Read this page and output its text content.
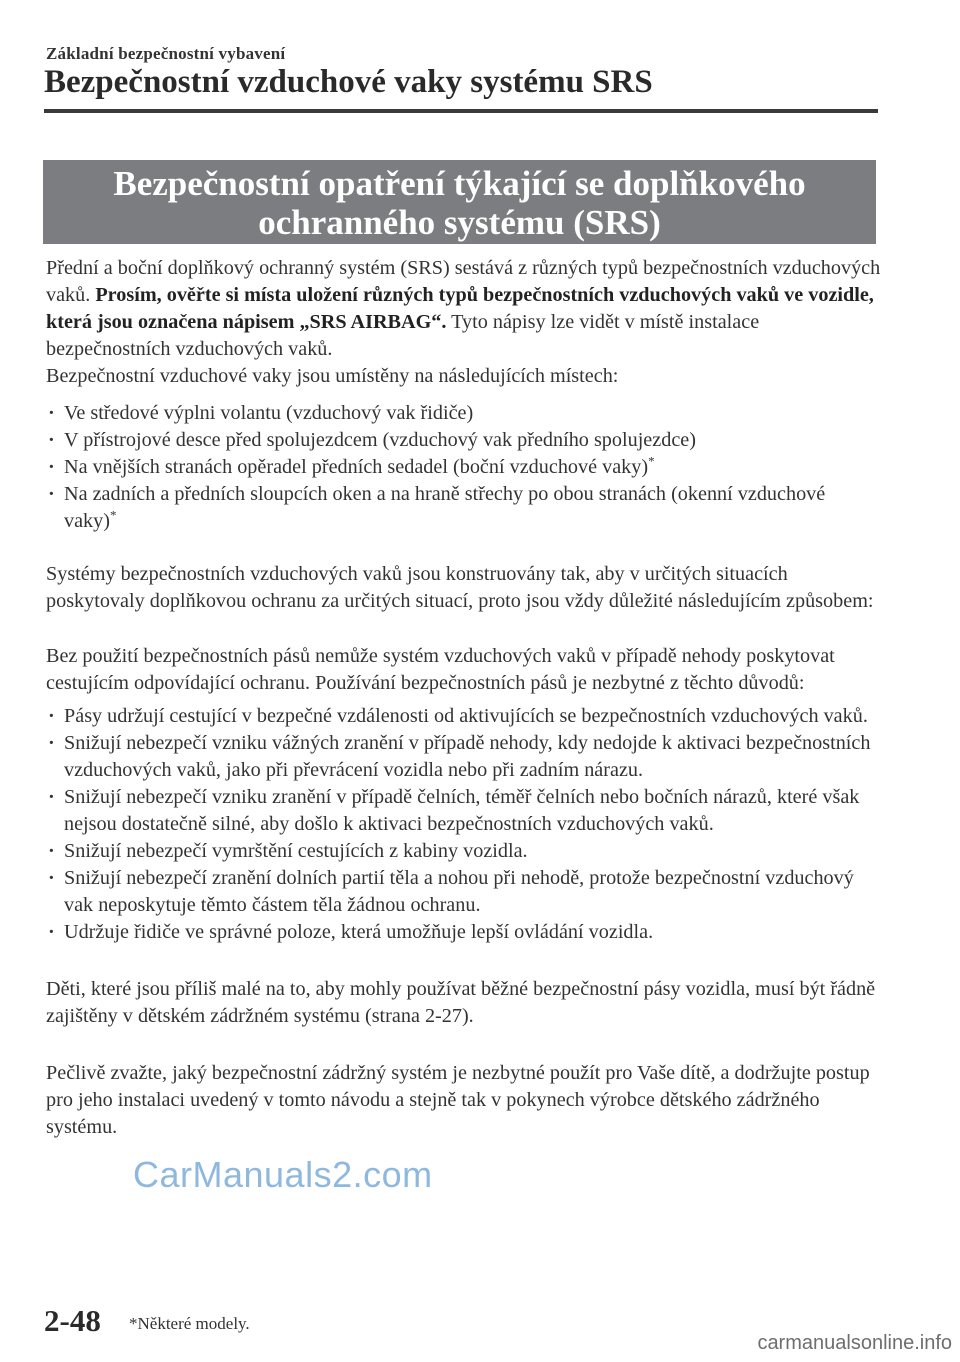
Základní bezpečnostní vybavení
Bezpečnostní vzduchové vaky systému SRS
Bezpečnostní opatření týkající se doplňkového
ochranného systému (SRS)

Přední a boční doplňkový ochranný systém (SRS) sestává z různých typů bezpečnostních vzduchových vaků. Prosím, ověřte si místa uložení různých typů bezpečnostních vzduchových vaků ve vozidle, která jsou označena nápisem „SRS AIRBAG“. Tyto nápisy lze vidět v místě instalace bezpečnostních vzduchových vaků.

Bezpečnostní vzduchové vaky jsou umístěny na následujících místech:

· Ve středové výplni volantu (vzduchový vak řidiče)
· V přístrojové desce před spolujezdcem (vzduchový vak předního spolujezdce)
· Na vnějších stranách opěradel předních sedadel (boční vzduchové vaky)*
· Na zadních a předních sloupcích oken a na hraně střechy po obou stranách (okenní vzduchové vaky)*

Systémy bezpečnostních vzduchových vaků jsou konstruovány tak, aby v určitých situacích poskytovaly doplňkovou ochranu za určitých situací, proto jsou vždy důležité následujícím způsobem:

Bez použití bezpečnostních pásů nemůže systém vzduchových vaků v případě nehody poskytovat cestujícím odpovídající ochranu. Používání bezpečnostních pásů je nezbytné z těchto důvodů:

· Pásy udržují cestující v bezpečné vzdálenosti od aktivujících se bezpečnostních vzduchových vaků.
· Snižují nebezpečí vzniku vážných zranění v případě nehody, kdy nedojde k aktivaci bezpečnostních vzduchových vaků, jako při převrácení vozidla nebo při zadním nárazu.
· Snižují nebezpečí vzniku zranění v případě čelních, téměř čelních nebo bočních nárazů, které však nejsou dostatečně silné, aby došlo k aktivaci bezpečnostních vzduchových vaků.
· Snižují nebezpečí vymrštění cestujících z kabiny vozidla.
· Snižují nebezpečí zranění dolních partií těla a nohou při nehodě, protože bezpečnostní vzduchový vak neposkytuje těmto částem těla žádnou ochranu.
· Udržuje řidiče ve správné poloze, která umožňuje lepší ovládání vozidla.

Děti, které jsou příliš malé na to, aby mohly používat běžné bezpečnostní pásy vozidla, musí být řádně zajištěny v dětském zádržném systému (strana 2-27).

Pečlivě zvažte, jaký bezpečnostní zádržný systém je nezbytné použít pro Vaše dítě, a dodržujte postup pro jeho instalaci uvedený v tomto návodu a stejně tak v pokynech výrobce dětského zádržného systému.

CarManuals2.com
2-48 *Některé modely.
carmanualsonline.info
